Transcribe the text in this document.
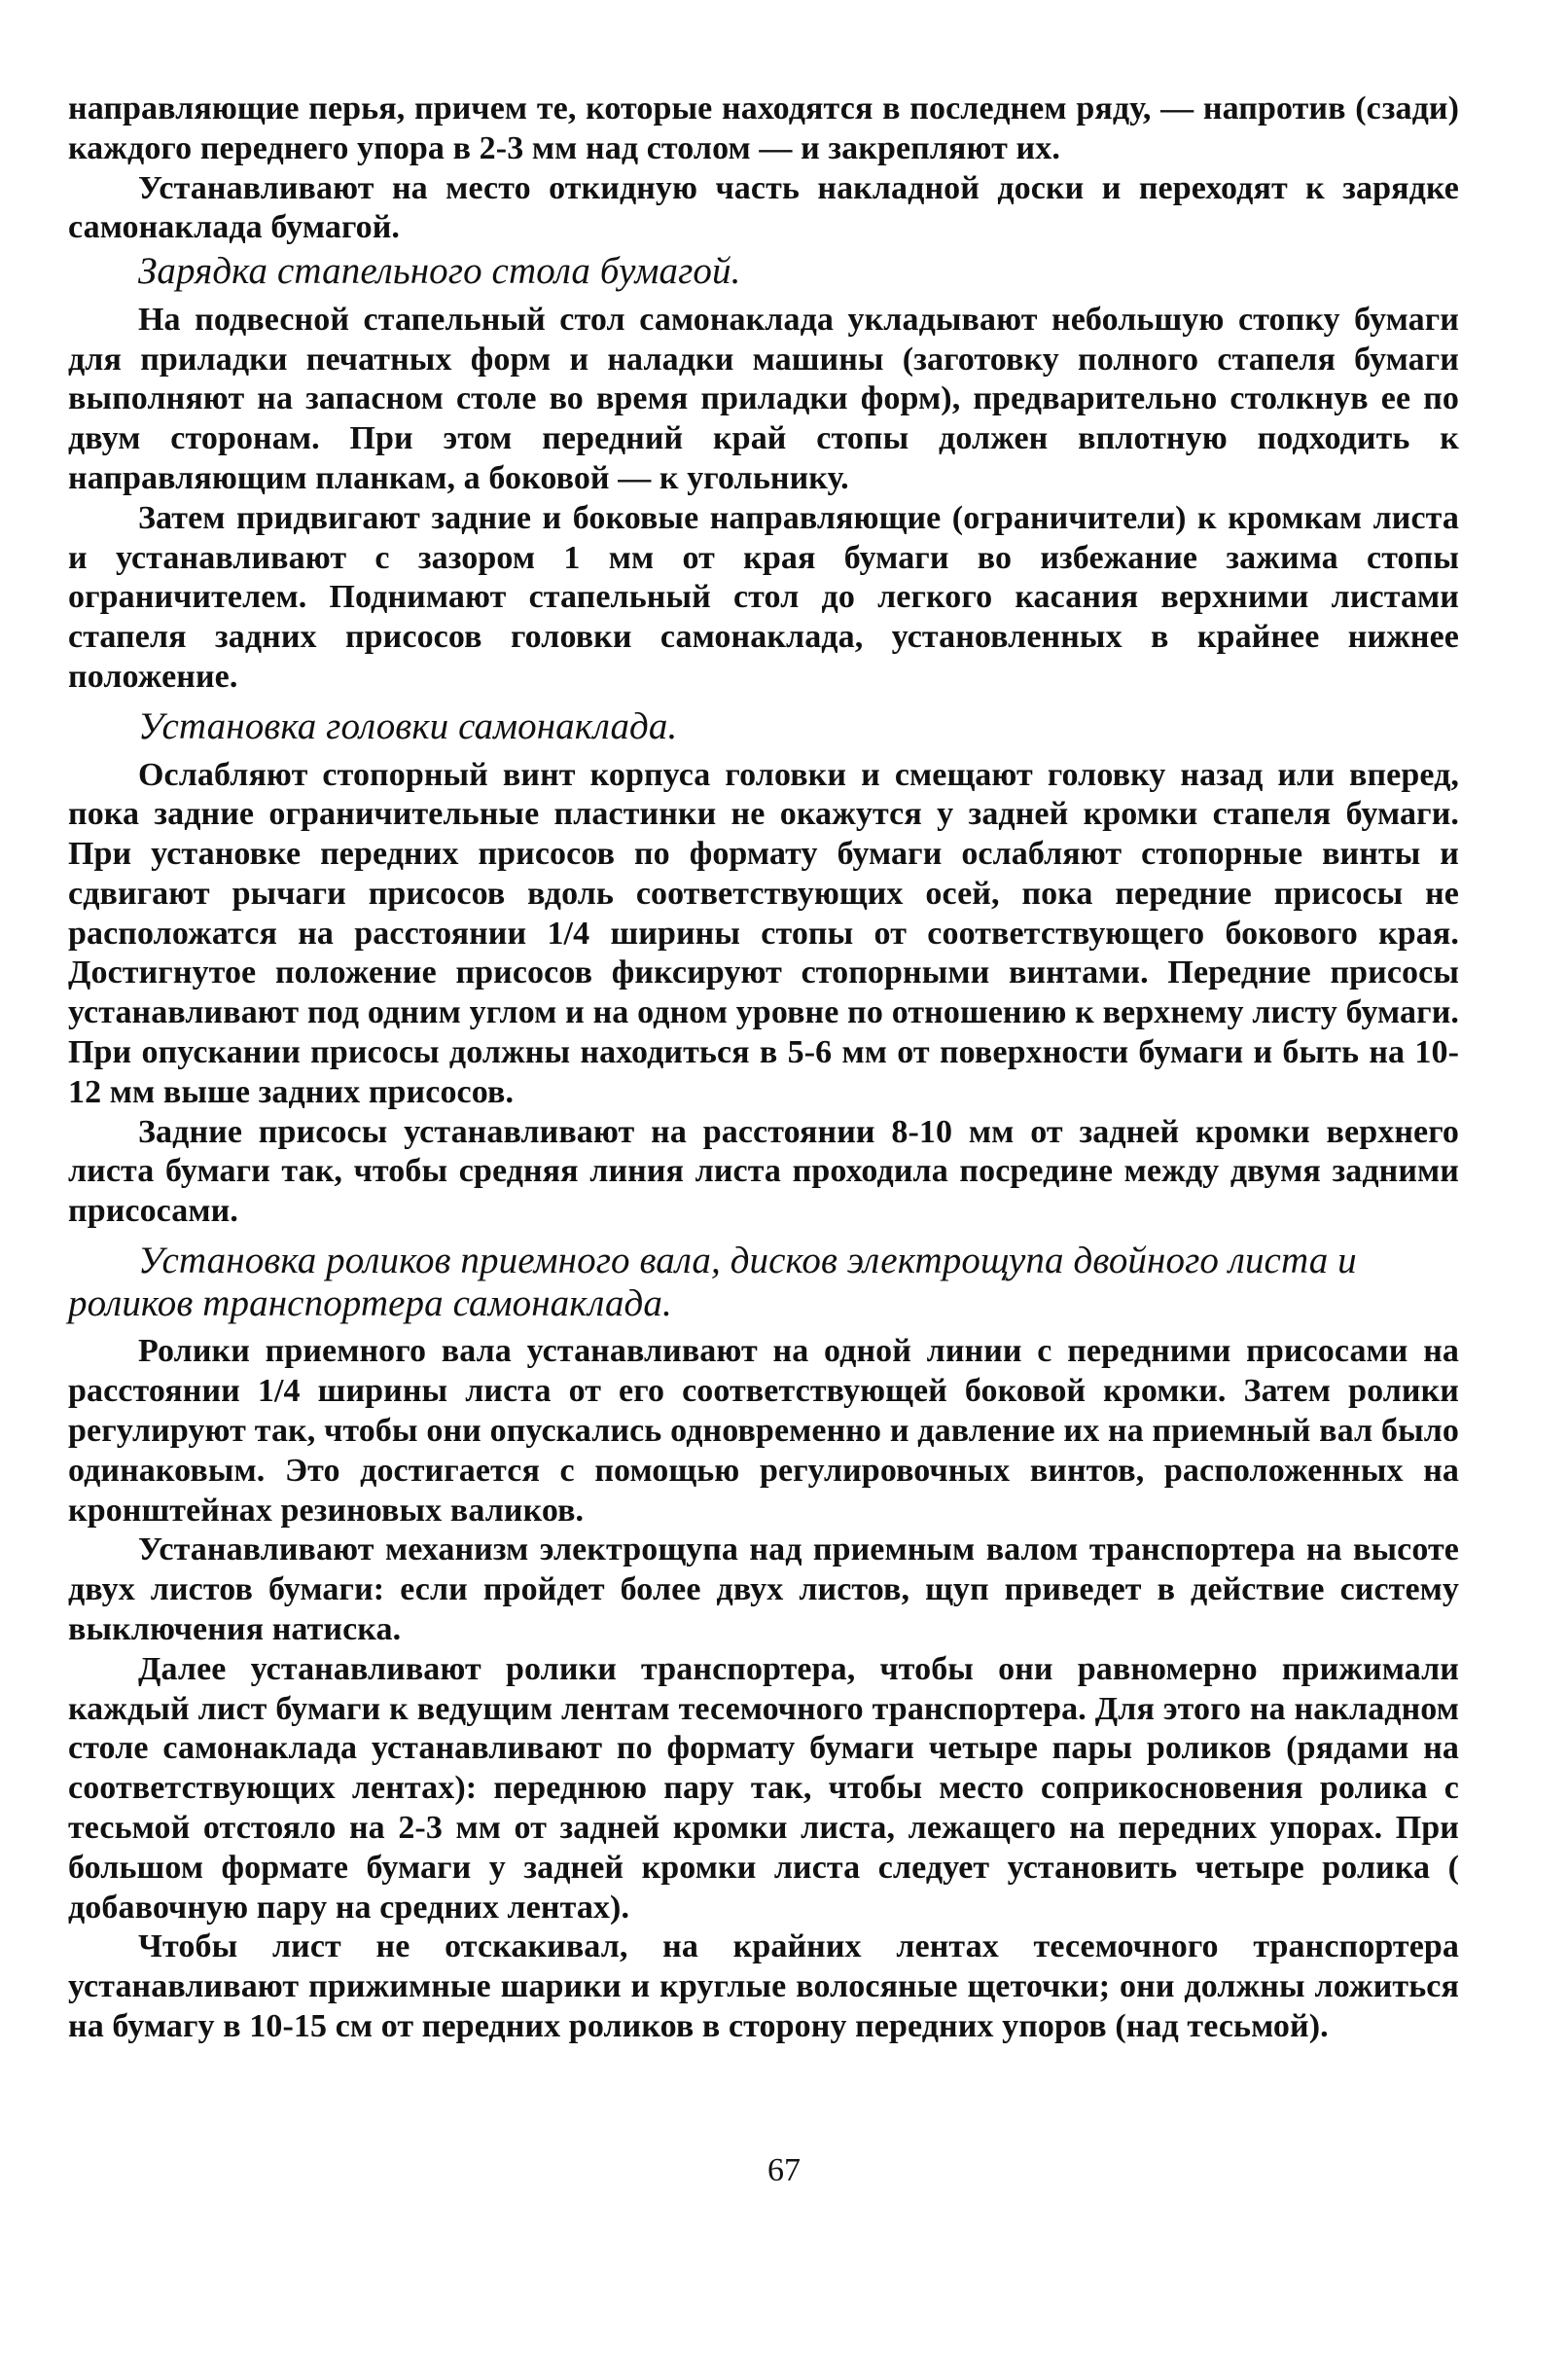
направляющие перья, причем те, которые находятся в последнем ряду, — напротив (сзади) каждого переднего упора в 2-3 мм над столом — и закрепляют их.

Устанавливают на место откидную часть накладной доски и переходят к зарядке самонаклада бумагой.

Зарядка стапельного стола бумагой.

На подвесной стапельный стол самонаклада укладывают небольшую стопку бумаги для приладки печатных форм и наладки машины (заготовку полного стапеля бумаги выполняют на запасном столе во время приладки форм), предварительно столкнув ее по двум сторонам. При этом передний край стопы должен вплотную подходить к направляющим планкам, а боковой — к угольнику.

Затем придвигают задние и боковые направляющие (ограничители) к кромкам листа и устанавливают с зазором 1 мм от края бумаги во избежание зажима стопы ограничителем. Поднимают стапельный стол до легкого касания верхними листами стапеля задних присосов головки самонаклада, установленных в крайнее нижнее положение.

Установка головки самонаклада.

Ослабляют стопорный винт корпуса головки и смещают головку назад или вперед, пока задние ограничительные пластинки не окажутся у задней кромки стапеля бумаги. При установке передних присосов по формату бумаги ослабляют стопорные винты и сдвигают рычаги присосов вдоль соответствующих осей, пока передние присосы не расположатся на расстоянии 1/4 ширины стопы от соответствующего бокового края. Достигнутое положение присосов фиксируют стопорными винтами. Передние присосы устанавливают под одним углом и на одном уровне по отношению к верхнему листу бумаги. При опускании присосы должны находиться в 5-6 мм от поверхности бумаги и быть на 10-12 мм выше задних присосов.

Задние присосы устанавливают на расстоянии 8-10 мм от задней кромки верхнего листа бумаги так, чтобы средняя линия листа проходила посредине между двумя задними присосами.

Установка роликов приемного вала, дисков электрощупа двойного листа и роликов транспортера самонаклада.

Ролики приемного вала устанавливают на одной линии с передними присосами на расстоянии 1/4 ширины листа от его соответствующей боковой кромки. Затем ролики регулируют так, чтобы они опускались одновременно и давление их на приемный вал было одинаковым. Это достигается с помощью регулировочных винтов, расположенных на кронштейнах резиновых валиков.

Устанавливают механизм электрощупа над приемным валом транспортера на высоте двух листов бумаги: если пройдет более двух листов, щуп приведет в действие систему выключения натиска.

Далее устанавливают ролики транспортера, чтобы они равномерно прижимали каждый лист бумаги к ведущим лентам тесемочного транспортера. Для этого на накладном столе самонаклада устанавливают по формату бумаги четыре пары роликов (рядами на соответствующих лентах): переднюю пару так, чтобы место соприкосновения ролика с тесьмой отстояло на 2-3 мм от задней кромки листа, лежащего на передних упорах. При большом формате бумаги у задней кромки листа следует установить четыре ролика ( добавочную пару на средних лентах).

Чтобы лист не отскакивал, на крайних лентах тесемочного транспортера устанавливают прижимные шарики и круглые волосяные щеточки; они должны ложиться на бумагу в 10-15 см от передних роликов в сторону передних упоров (над тесьмой).

67
